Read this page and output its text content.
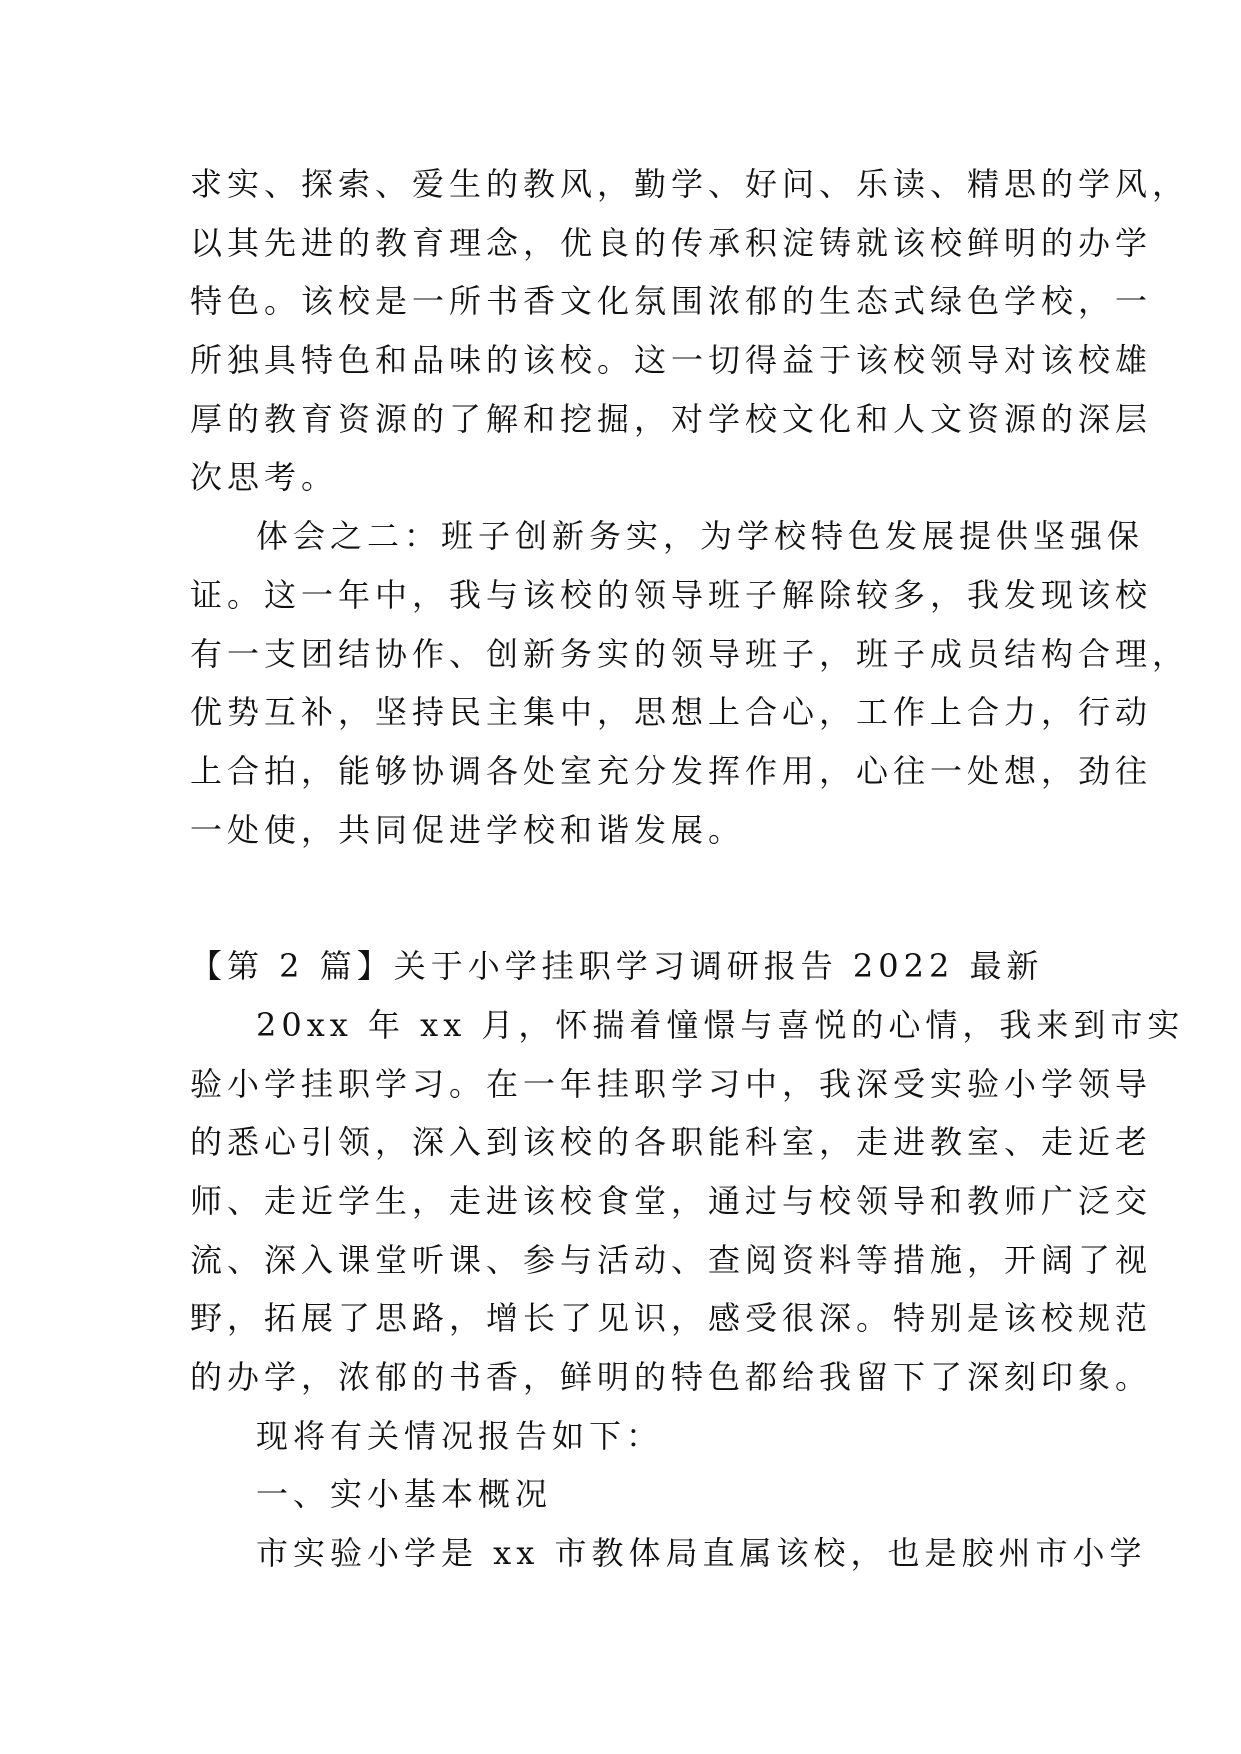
求实、探索、爱生的教风，勤学、好问、乐读、精思的学风，
以其先进的教育理念，优良的传承积淀铸就该校鲜明的办学
特色。该校是一所书香文化氛围浓郁的生态式绿色学校，一
所独具特色和品味的该校。这一切得益于该校领导对该校雄
厚的教育资源的了解和挖掘，对学校文化和人文资源的深层
次思考。
体会之二：班子创新务实，为学校特色发展提供坚强保
证。这一年中，我与该校的领导班子解除较多，我发现该校
有一支团结协作、创新务实的领导班子，班子成员结构合理，
优势互补，坚持民主集中，思想上合心，工作上合力，行动
上合拍，能够协调各处室充分发挥作用，心往一处想，劲往
一处使，共同促进学校和谐发展。
【第 2 篇】关于小学挂职学习调研报告 2022 最新
20xx 年 xx 月，怀揣着憧憬与喜悦的心情，我来到市实
验小学挂职学习。在一年挂职学习中，我深受实验小学领导
的悉心引领，深入到该校的各职能科室，走进教室、走近老
师、走近学生，走进该校食堂，通过与校领导和教师广泛交
流、深入课堂听课、参与活动、查阅资料等措施，开阔了视
野，拓展了思路，增长了见识，感受很深。特别是该校规范
的办学，浓郁的书香，鲜明的特色都给我留下了深刻印象。
现将有关情况报告如下：
一、实小基本概况
市实验小学是 xx 市教体局直属该校，也是胶州市小学
